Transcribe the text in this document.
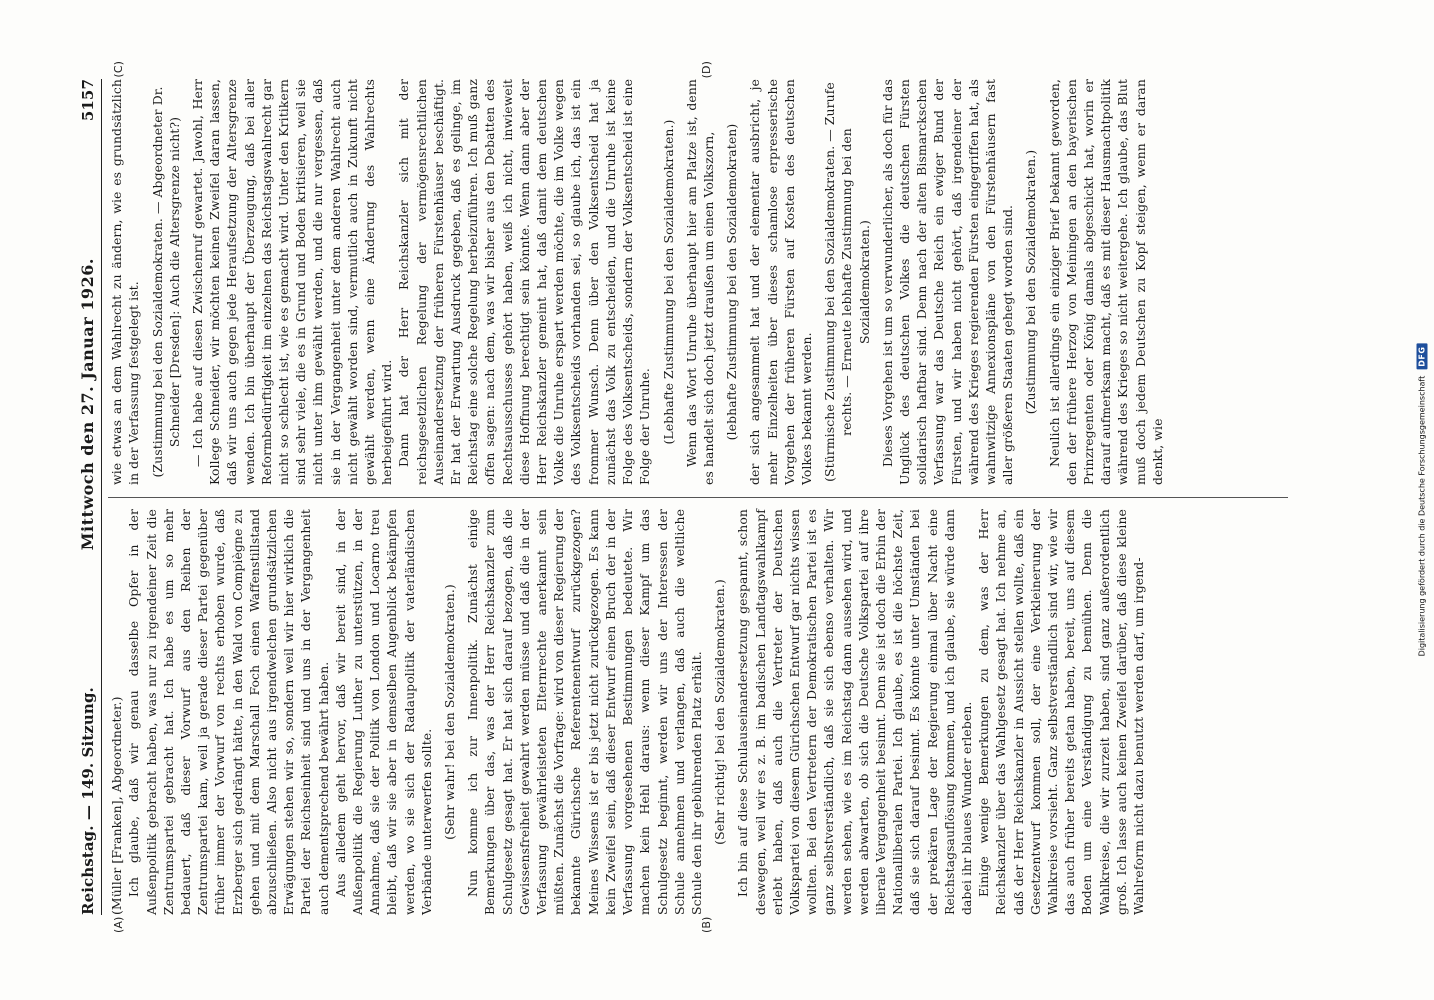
Reichstag. — 149. Sitzung.
Mittwoch den 27. Januar 1926.
5157
(A)	(B)

(Müller [Franken], Abgeordneter.) Ich glaube, daß wir genau dasselbe Opfer in der Außenpolitik gebracht haben, was nur zu irgendeiner Zeit die Zentrumspartei gebracht hat. Ich habe es um so mehr bedauert, daß dieser Vorwurf aus den Reihen der Zentrumspartei kam, weil ja gerade dieser Partei gegenüber früher immer der Vorwurf von rechts erhoben wurde, daß Erzberger sich gedrängt hätte, in den Wald von Compiègne zu gehen und mit dem Marschall Foch einen Waffenstillstand abzuschließen. Also nicht aus irgendwelchen grundsätzlichen Erwägungen stehen wir so, sondern weil wir hier wirklich die Partei der Reichseinheit sind und uns in der Vergangenheit auch dementsprechend bewährt haben. Aus alledem geht hervor, daß wir bereit sind, in der Außenpolitik die Regierung Luther zu unterstützen, in der Annahme, daß sie der Politik von London und Locarno treu bleibt, daß wir sie aber in demselben Augenblick bekämpfen werden, wo sie sich der Radaupolitik der vaterländischen Verbände unterwerfen sollte. (Sehr wahr! bei den Sozialdemokraten.) Nun komme ich zur Innenpolitik. Zunächst einige Bemerkungen über das, was der Herr Reichskanzler zum Schulgesetz gesagt hat. Er hat sich darauf bezogen, daß die Gewissensfreiheit gewahrt werden müsse und daß die in der Verfassung gewährleisteten Elternrechte anerkannt sein müßten. Zunächst die Vorfrage: wird von dieser Regierung der bekannte Gürichsche Referentenentwurf zurückgezogen? Meines Wissens ist er bis jetzt nicht zurückgezogen. Es kann kein Zweifel sein, daß dieser Entwurf einen Bruch der in der Verfassung vorgesehenen Bestimmungen bedeutete. Wir machen kein Hehl daraus: wenn dieser Kampf um das Schulgesetz beginnt, werden wir uns der Interessen der Schule annehmen und verlangen, daß auch die weltliche Schule den ihr gebührenden Platz erhält. (Sehr richtig! bei den Sozialdemokraten.) Ich bin auf diese Schulauseinandersetzung gespannt, schon deswegen, weil wir es z. B. im badischen Landtagswahlkampf erlebt haben, daß auch die Vertreter der Deutschen Volkspartei von diesem Gürichschen Entwurf gar nichts wissen wollten. Bei den Vertretern der Demokratischen Partei ist es ganz selbstverständlich, daß sie sich ebenso verhalten. Wir werden sehen, wie es im Reichstag dann aussehen wird, und werden abwarten, ob sich die Deutsche Volkspartei auf ihre liberale Vergangenheit besinnt. Denn sie ist doch die Erbin der Nationalliberalen Partei. Ich glaube, es ist die höchste Zeit, daß sie sich darauf besinnt. Es könnte unter Umständen bei der prekären Lage der Regierung einmal über Nacht eine Reichstagsauflösung kommen, und ich glaube, sie würde dann dabei ihr blaues Wunder erleben. Einige wenige Bemerkungen zu dem, was der Herr Reichskanzler über das Wahlgesetz gesagt hat. Ich nehme an, daß der Herr Reichskanzler in Aussicht stellen wollte, daß ein Gesetzentwurf kommen soll, der eine Verkleinerung der Wahlkreise vorsieht. Ganz selbstverständlich sind wir, wie wir das auch früher bereits getan haben, bereit, uns auf diesem Boden um eine Verständigung zu bemühen. Denn die Wahlkreise, die wir zurzeit haben, sind ganz außerordentlich groß. Ich lasse auch keinen Zweifel darüber, daß diese kleine Wahlreform nicht dazu benutzt werden darf, um irgend-

(C)	(D)

wie etwas an dem Wahlrecht zu ändern, wie es grundsätzlich in der Verfassung festgelegt ist. (Zustimmung bei den Sozialdemokraten. — Abgeordneter Dr. Schneider [Dresden]: Auch die Altersgrenze nicht?) — Ich habe auf diesen Zwischenruf gewartet. Jawohl, Herr Kollege Schneider, wir möchten keinen Zweifel daran lassen, daß wir uns auch gegen jede Heraufsetzung der Altersgrenze wenden. Ich bin überhaupt der Überzeugung, daß bei aller Reformbedürftigkeit im einzelnen das Reichstagswahlrecht gar nicht so schlecht ist, wie es gemacht wird. Unter den Kritikern sind sehr viele, die es in Grund und Boden kritisieren, weil sie nicht unter ihm gewählt werden, und die nur vergessen, daß sie in der Vergangenheit unter dem anderen Wahlrecht auch nicht gewählt worden sind, vermutlich auch in Zukunft nicht gewählt werden, wenn eine Änderung des Wahlrechts herbeigeführt wird. Dann hat der Herr Reichskanzler sich mit der reichsgesetzlichen Regelung der vermögensrechtlichen Auseinandersetzung der früheren Fürstenhäuser beschäftigt. Er hat der Erwartung Ausdruck gegeben, daß es gelinge, im Reichstag eine solche Regelung herbeizuführen. Ich muß ganz offen sagen: nach dem, was wir bisher aus den Debatten des Rechtsausschusses gehört haben, weiß ich nicht, inwieweit diese Hoffnung berechtigt sein könnte. Wenn dann aber der Herr Reichskanzler gemeint hat, daß damit dem deutschen Volke die Unruhe erspart werden möchte, die im Volke wegen des Volksentscheids vorhanden sei, so glaube ich, das ist ein frommer Wunsch. Denn über den Volksentscheid hat ja zunächst das Volk zu entscheiden, und die Unruhe ist keine Folge des Volksentscheids, sondern der Volksentscheid ist eine Folge der Unruhe. (Lebhafte Zustimmung bei den Sozialdemokraten.) Wenn das Wort Unruhe überhaupt hier am Platze ist, denn es handelt sich doch jetzt draußen um einen Volkszorn, (lebhafte Zustimmung bei den Sozialdemokraten) der sich angesammelt hat und der elementar ausbricht, je mehr Einzelheiten über dieses schamlose erpresserische Vorgehen der früheren Fürsten auf Kosten des deutschen Volkes bekannt werden. (Stürmische Zustimmung bei den Sozialdemokraten. — Zurufe rechts. — Erneute lebhafte Zustimmung bei den Sozialdemokraten.) Dieses Vorgehen ist um so verwunderlicher, als doch für das Unglück des deutschen Volkes die deutschen Fürsten solidarisch haftbar sind. Denn nach der alten Bismarckschen Verfassung war das Deutsche Reich ein ewiger Bund der Fürsten, und wir haben nicht gehört, daß irgendeiner der während des Krieges regierenden Fürsten eingegriffen hat, als wahnwitzige Annexionspläne von den Fürstenhäusern fast aller größeren Staaten gehegt worden sind. (Zustimmung bei den Sozialdemokraten.) Neulich ist allerdings ein einziger Brief bekannt geworden, den der frühere Herzog von Meiningen an den bayerischen Prinzregenten oder König damals abgeschickt hat, worin er darauf aufmerksam macht, daß es mit dieser Hausmachtpolitik während des Krieges so nicht weitergehe. Ich glaube, das Blut muß doch jedem Deutschen zu Kopf steigen, wenn er daran denkt, wie	Digitalisierung gefördert durch die Deutsche Forschungsgemeinschaft
DFG
